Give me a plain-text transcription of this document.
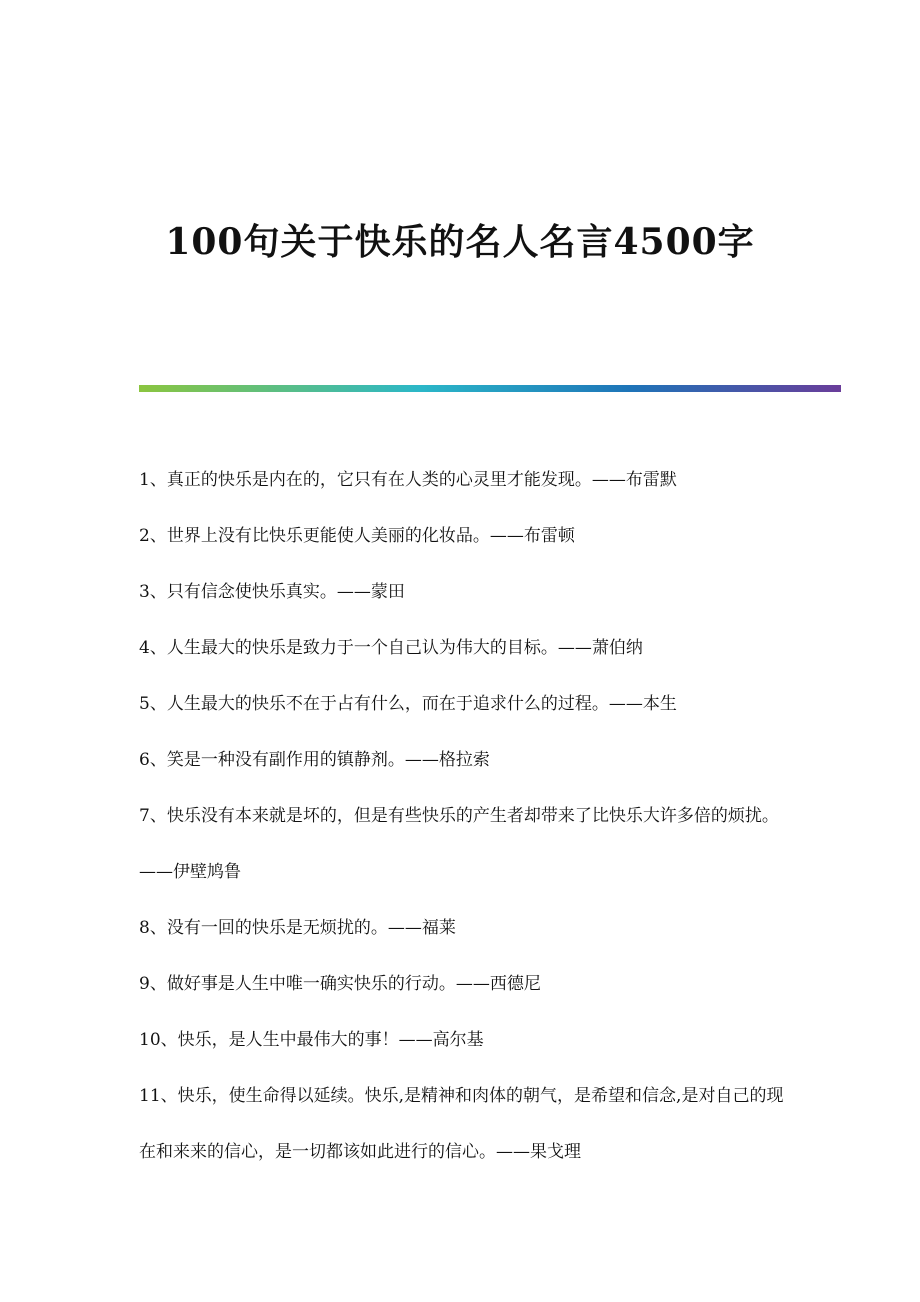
100句关于快乐的名人名言4500字
1、真正的快乐是内在的，它只有在人类的心灵里才能发现。——布雷默
2、世界上没有比快乐更能使人美丽的化妆品。——布雷顿
3、只有信念使快乐真实。——蒙田
4、人生最大的快乐是致力于一个自己认为伟大的目标。——萧伯纳
5、人生最大的快乐不在于占有什么，而在于追求什么的过程。——本生
6、笑是一种没有副作用的镇静剂。——格拉索
7、快乐没有本来就是坏的，但是有些快乐的产生者却带来了比快乐大许多倍的烦扰。——伊壁鸠鲁
8、没有一回的快乐是无烦扰的。——福莱
9、做好事是人生中唯一确实快乐的行动。——西德尼
10、快乐，是人生中最伟大的事！——高尔基
11、快乐，使生命得以延续。快乐,是精神和肉体的朝气，是希望和信念,是对自己的现在和来来的信心，是一切都该如此进行的信心。——果戈理
